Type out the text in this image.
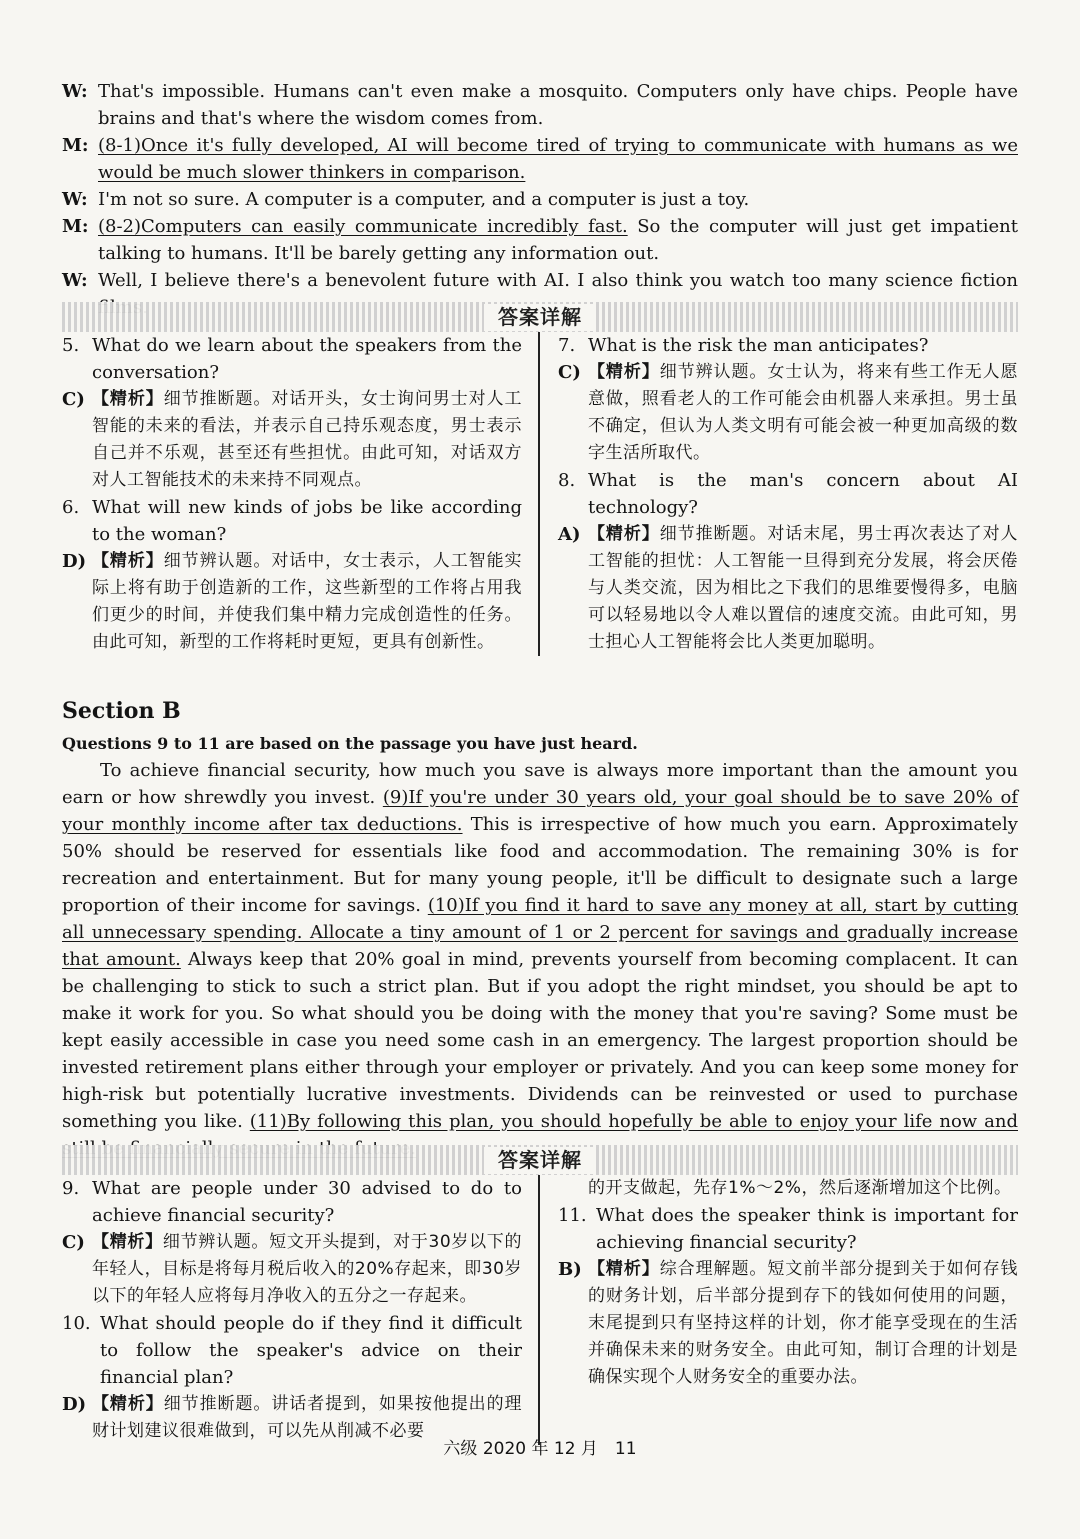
W: That's impossible. Humans can't even make a mosquito. Computers only have chips. People have brains and that's where the wisdom comes from.
M: (8-1)Once it's fully developed, AI will become tired of trying to communicate with humans as we would be much slower thinkers in comparison.
W: I'm not so sure. A computer is a computer, and a computer is just a toy.
M: (8-2)Computers can easily communicate incredibly fast. So the computer will just get impatient talking to humans. It'll be barely getting any information out.
W: Well, I believe there's a benevolent future with AI. I also think you watch too many science fiction
答案详解
5. What do we learn about the speakers from the conversation?
C) 【精析】细节推断题。对话开头，女士询问男士对人工智能的未来的看法，并表示自己持乐观态度，男士表示自己并不乐观，甚至还有些担忧。由此可知，对话双方对人工智能技术的未来持不同观点。
6. What will new kinds of jobs be like according to the woman?
D) 【精析】细节辨认题。对话中，女士表示，人工智能实际上将有助于创造新的工作，这些新型的工作将占用我们更少的时间，并使我们集中精力完成创造性的任务。由此可知，新型的工作将耗时更短，更具有创新性。
7. What is the risk the man anticipates?
C) 【精析】细节辨认题。女士认为，将来有些工作无人愿意做，照看老人的工作可能会由机器人来承担。男士虽不确定，但认为人类文明有可能会被一种更加高级的数字生活所取代。
8. What is the man's concern about AI technology?
A) 【精析】细节推断题。对话末尾，男士再次表达了对人工智能的担忧：人工智能一旦得到充分发展，将会厌倦与人类交流，因为相比之下我们的思维要慢得多，电脑可以轻易地以令人难以置信的速度交流。由此可知，男士担心人工智能将会比人类更加聪明。
Section B
Questions 9 to 11 are based on the passage you have just heard.
To achieve financial security, how much you save is always more important than the amount you earn or how shrewdly you invest. (9)If you're under 30 years old, your goal should be to save 20% of your monthly income after tax deductions. This is irrespective of how much you earn. Approximately 50% should be reserved for essentials like food and accommodation. The remaining 30% is for recreation and entertainment. But for many young people, it'll be difficult to designate such a large proportion of their income for savings. (10)If you find it hard to save any money at all, start by cutting all unnecessary spending. Allocate a tiny amount of 1 or 2 percent for savings and gradually increase that amount. Always keep that 20% goal in mind, prevents yourself from becoming complacent. It can be challenging to stick to such a strict plan. But if you adopt the right mindset, you should be apt to make it work for you. So what should you be doing with the money that you're saving? Some must be kept easily accessible in case you need some cash in an emergency. The largest proportion should be invested retirement plans either through your employer or privately. And you can keep some money for high-risk but potentially lucrative investments. Dividends can be reinvested or used to purchase something you like. (11)By following this plan, you should hopefully be able to enjoy your life now and
答案详解
9. What are people under 30 advised to do to achieve financial security?
C) 【精析】细节辨认题。短文开头提到，对于30岁以下的年轻人，目标是将每月税后收入的20%存起来，即30岁以下的年轻人应将每月净收入的五分之一存起来。
10. What should people do if they find it difficult to follow the speaker's advice on their financial plan?
D) 【精析】细节推断题。讲话者提到，如果按他提出的理财计划建议很难做到，可以先从削减不必要
的开支做起，先存1%～2%，然后逐渐增加这个比例。
11. What does the speaker think is important for achieving financial security?
B) 【精析】综合理解题。短文前半部分提到关于如何存钱的财务计划，后半部分提到存下的钱如何使用的问题，末尾提到只有坚持这样的计划，你才能享受现在的生活并确保未来的财务安全。由此可知，制订合理的计划是确保实现个人财务安全的重要办法。
六级 2020 年 12 月　11
